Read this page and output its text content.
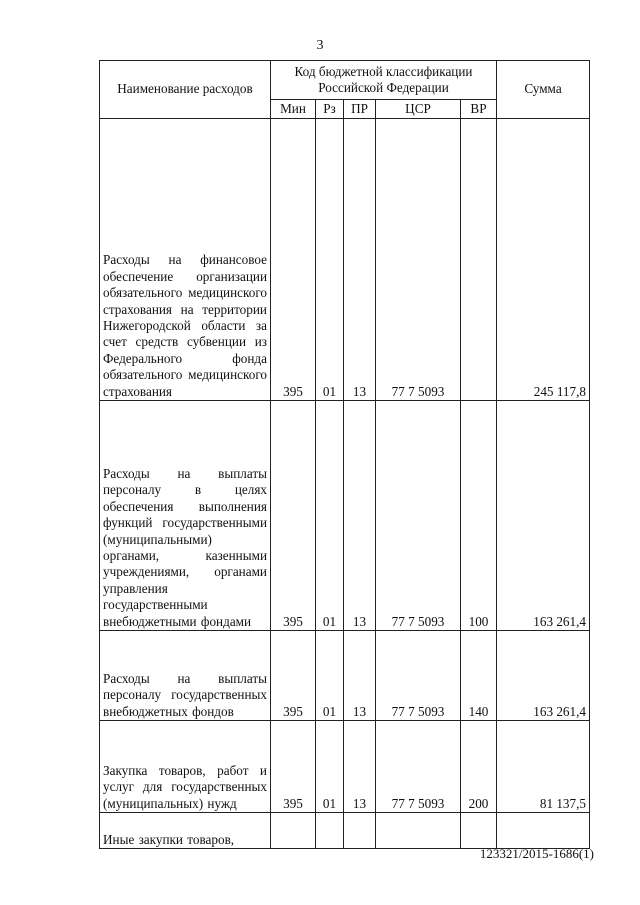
3
Наименование расходов	Код бюджетной классификации Российской Федерации					Сумма
	Мин	Рз	ПР	ЦСР	ВР	
Расходы на финансовое обеспечение организации обязательного медицинского страхования на территории Нижегородской области за счет средств субвенции из Федерального фонда обязательного медицинского страхования	395	01	13	77 7 5093		245 117,8
Расходы на выплаты персоналу в целях обеспечения выполнения функций государственными (муниципальными) органами, казенными учреждениями, органами управления государственными внебюджетными фондами	395	01	13	77 7 5093	100	163 261,4
Расходы на выплаты персоналу государственных внебюджетных фондов	395	01	13	77 7 5093	140	163 261,4
Закупка товаров, работ и услуг для государственных (муниципальных) нужд	395	01	13	77 7 5093	200	81 137,5
Иные закупки товаров,						
123321/2015-1686(1)
